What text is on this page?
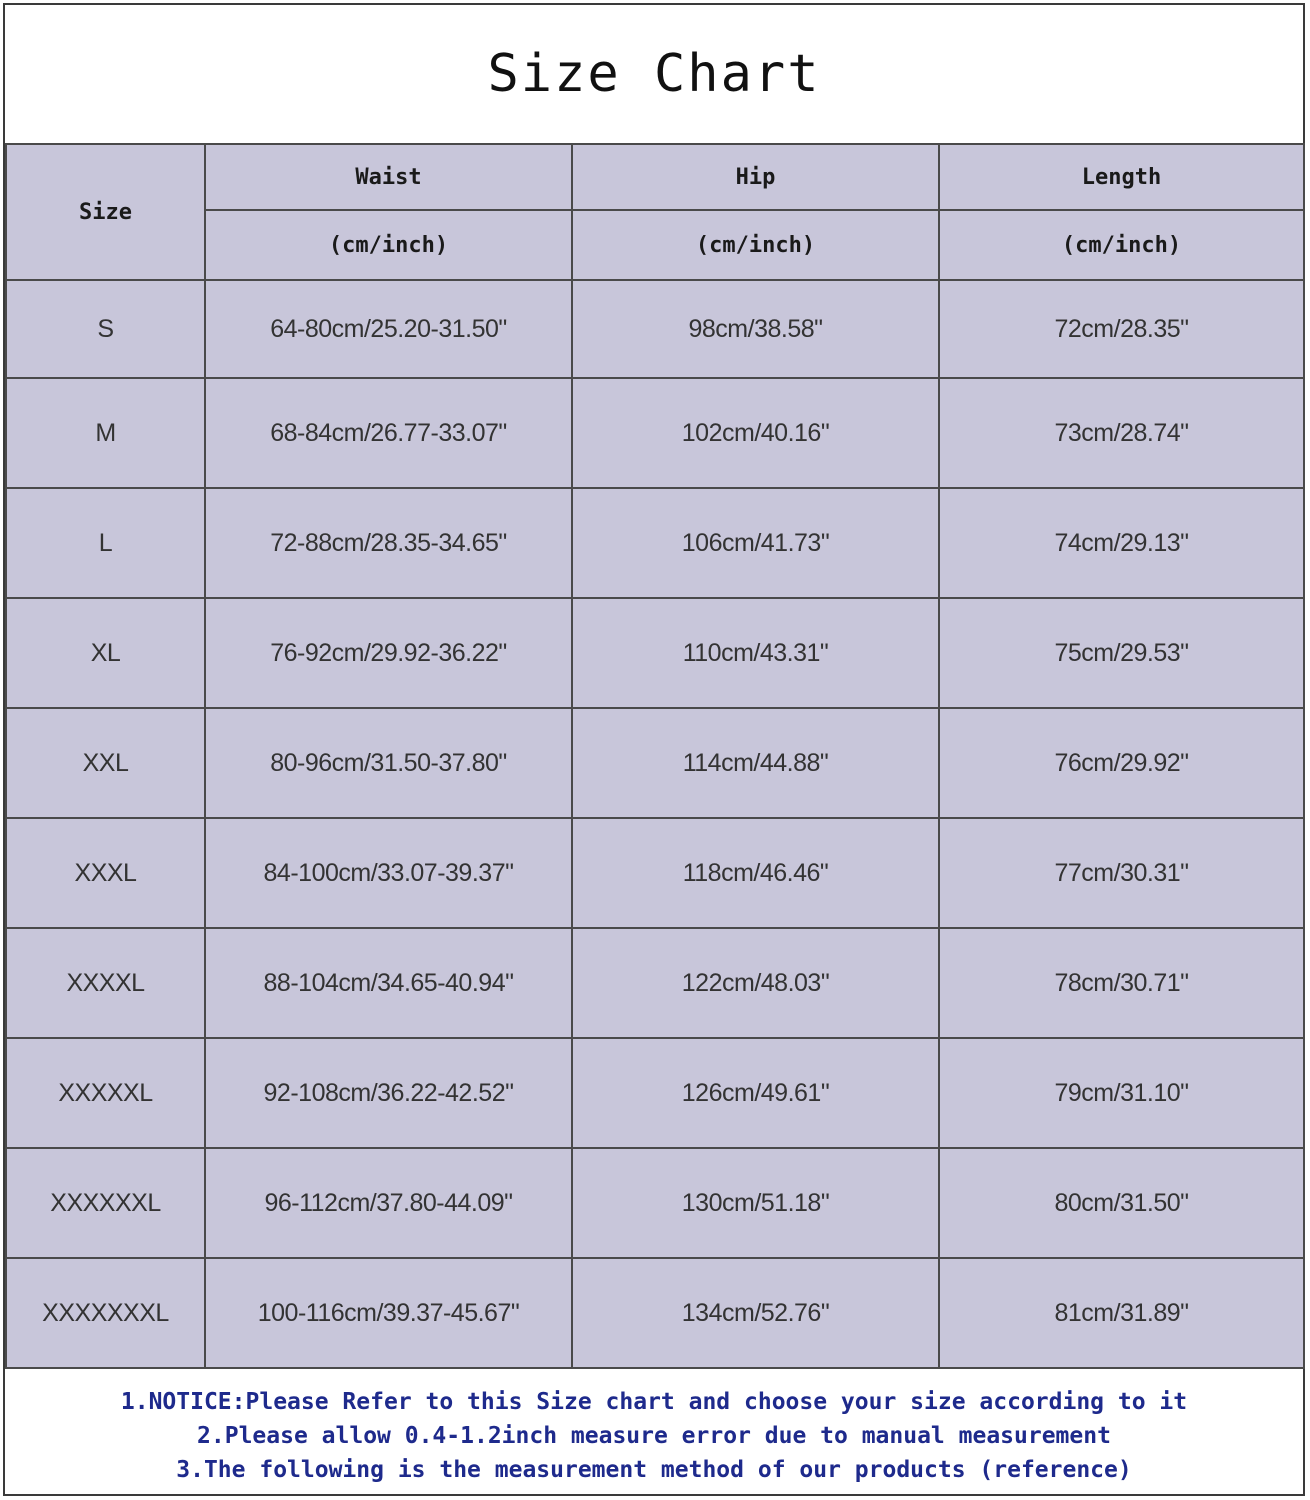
Size Chart
Size	Waist	Hip	Length
	(cm/inch)	(cm/inch)	(cm/inch)
S	64-80cm/25.20-31.50"	98cm/38.58"	72cm/28.35"
M	68-84cm/26.77-33.07"	102cm/40.16"	73cm/28.74"
L	72-88cm/28.35-34.65"	106cm/41.73"	74cm/29.13"
XL	76-92cm/29.92-36.22"	110cm/43.31"	75cm/29.53"
XXL	80-96cm/31.50-37.80"	114cm/44.88"	76cm/29.92"
XXXL	84-100cm/33.07-39.37"	118cm/46.46"	77cm/30.31"
XXXXL	88-104cm/34.65-40.94"	122cm/48.03"	78cm/30.71"
XXXXXL	92-108cm/36.22-42.52"	126cm/49.61"	79cm/31.10"
XXXXXXL	96-112cm/37.80-44.09"	130cm/51.18"	80cm/31.50"
XXXXXXXL	100-116cm/39.37-45.67"	134cm/52.76"	81cm/31.89"
1.NOTICE:Please Refer to this Size chart and choose your size according to it
2.Please allow 0.4-1.2inch measure error due to manual measurement
3.The following is the measurement method of our products (reference)
